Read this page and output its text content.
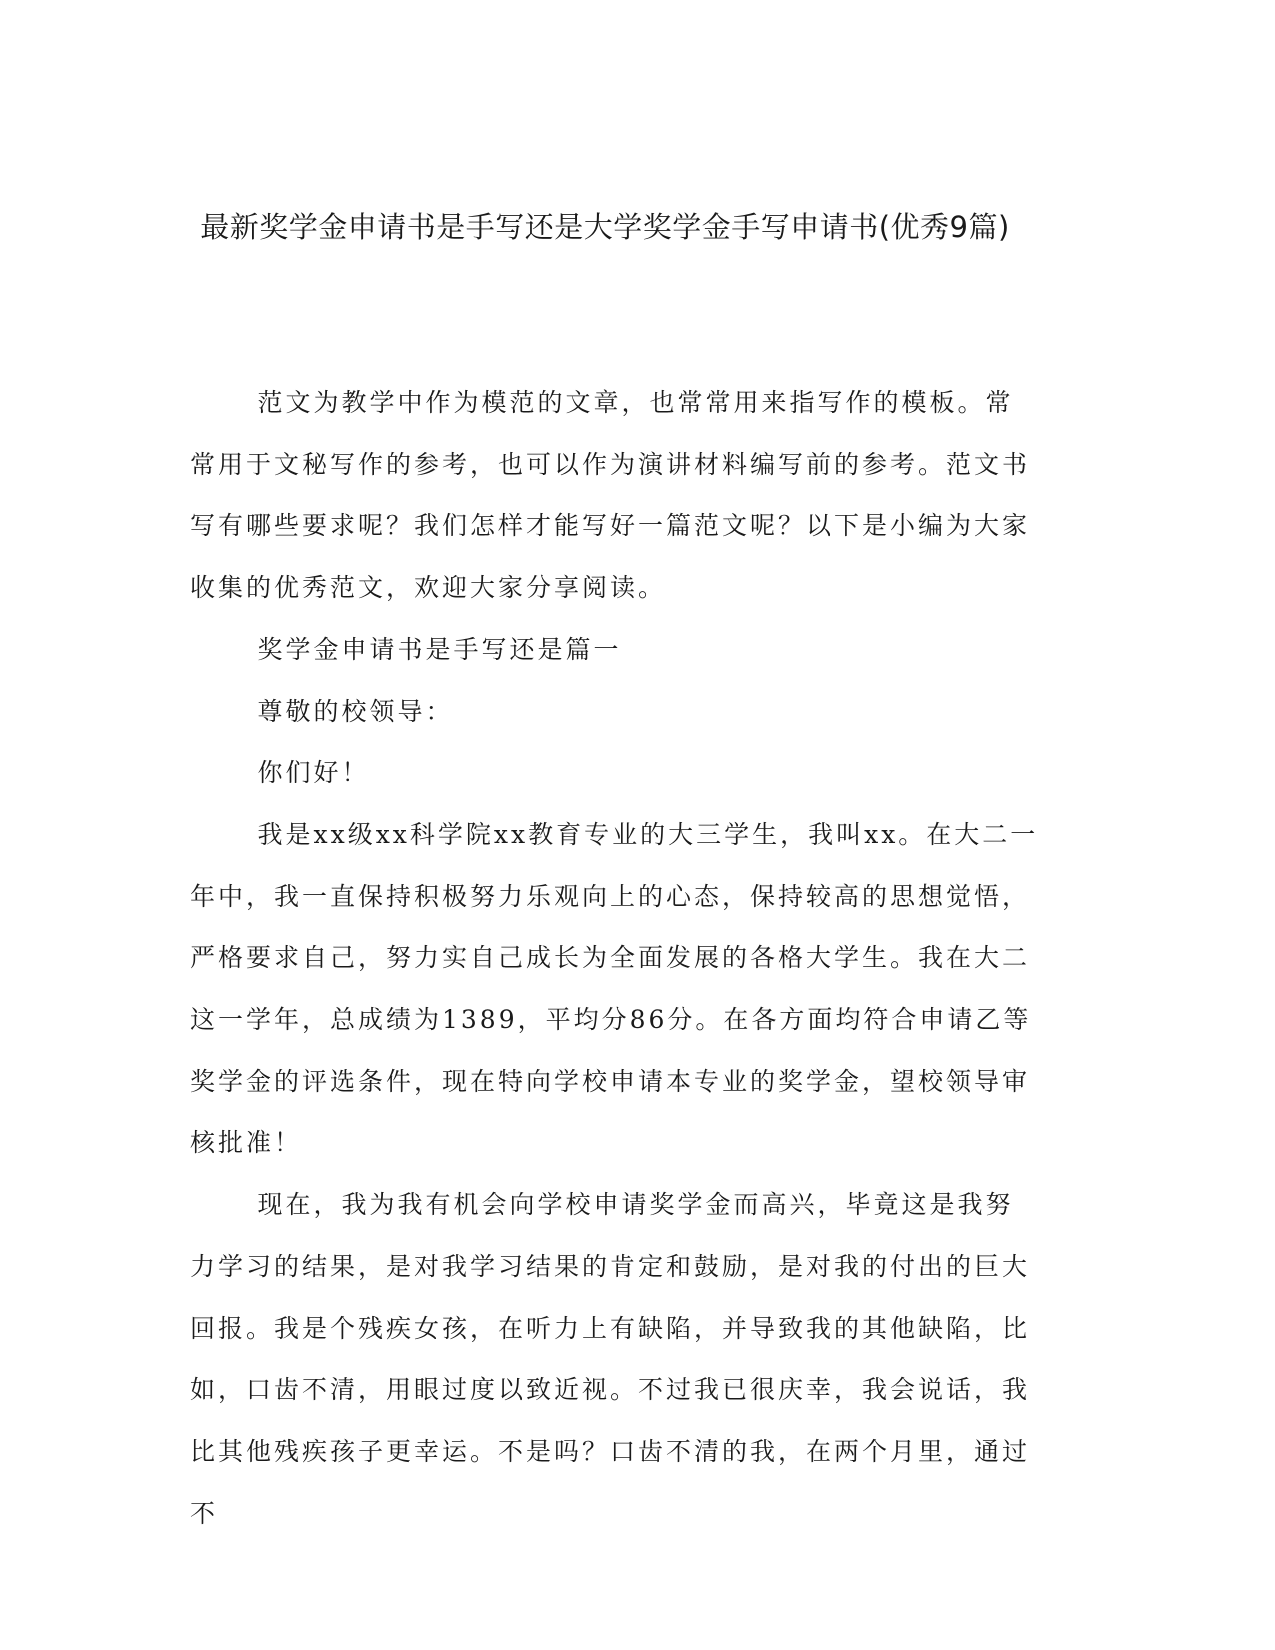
最新奖学金申请书是手写还是大学奖学金手写申请书(优秀9篇)

范文为教学中作为模范的文章，也常常用来指写作的模板。常常用于文秘写作的参考，也可以作为演讲材料编写前的参考。范文书写有哪些要求呢？我们怎样才能写好一篇范文呢？以下是小编为大家收集的优秀范文，欢迎大家分享阅读。

奖学金申请书是手写还是篇一

尊敬的校领导：

你们好！

我是xx级xx科学院xx教育专业的大三学生，我叫xx。在大二一年中，我一直保持积极努力乐观向上的心态，保持较高的思想觉悟，严格要求自己，努力实自己成长为全面发展的各格大学生。我在大二这一学年，总成绩为1389，平均分86分。在各方面均符合申请乙等奖学金的评选条件，现在特向学校申请本专业的奖学金，望校领导审核批准！

现在，我为我有机会向学校申请奖学金而高兴，毕竟这是我努力学习的结果，是对我学习结果的肯定和鼓励，是对我的付出的巨大回报。我是个残疾女孩，在听力上有缺陷，并导致我的其他缺陷，比如，口齿不清，用眼过度以致近视。不过我已很庆幸，我会说话，我比其他残疾孩子更幸运。不是吗？口齿不清的我，在两个月里，通过不
